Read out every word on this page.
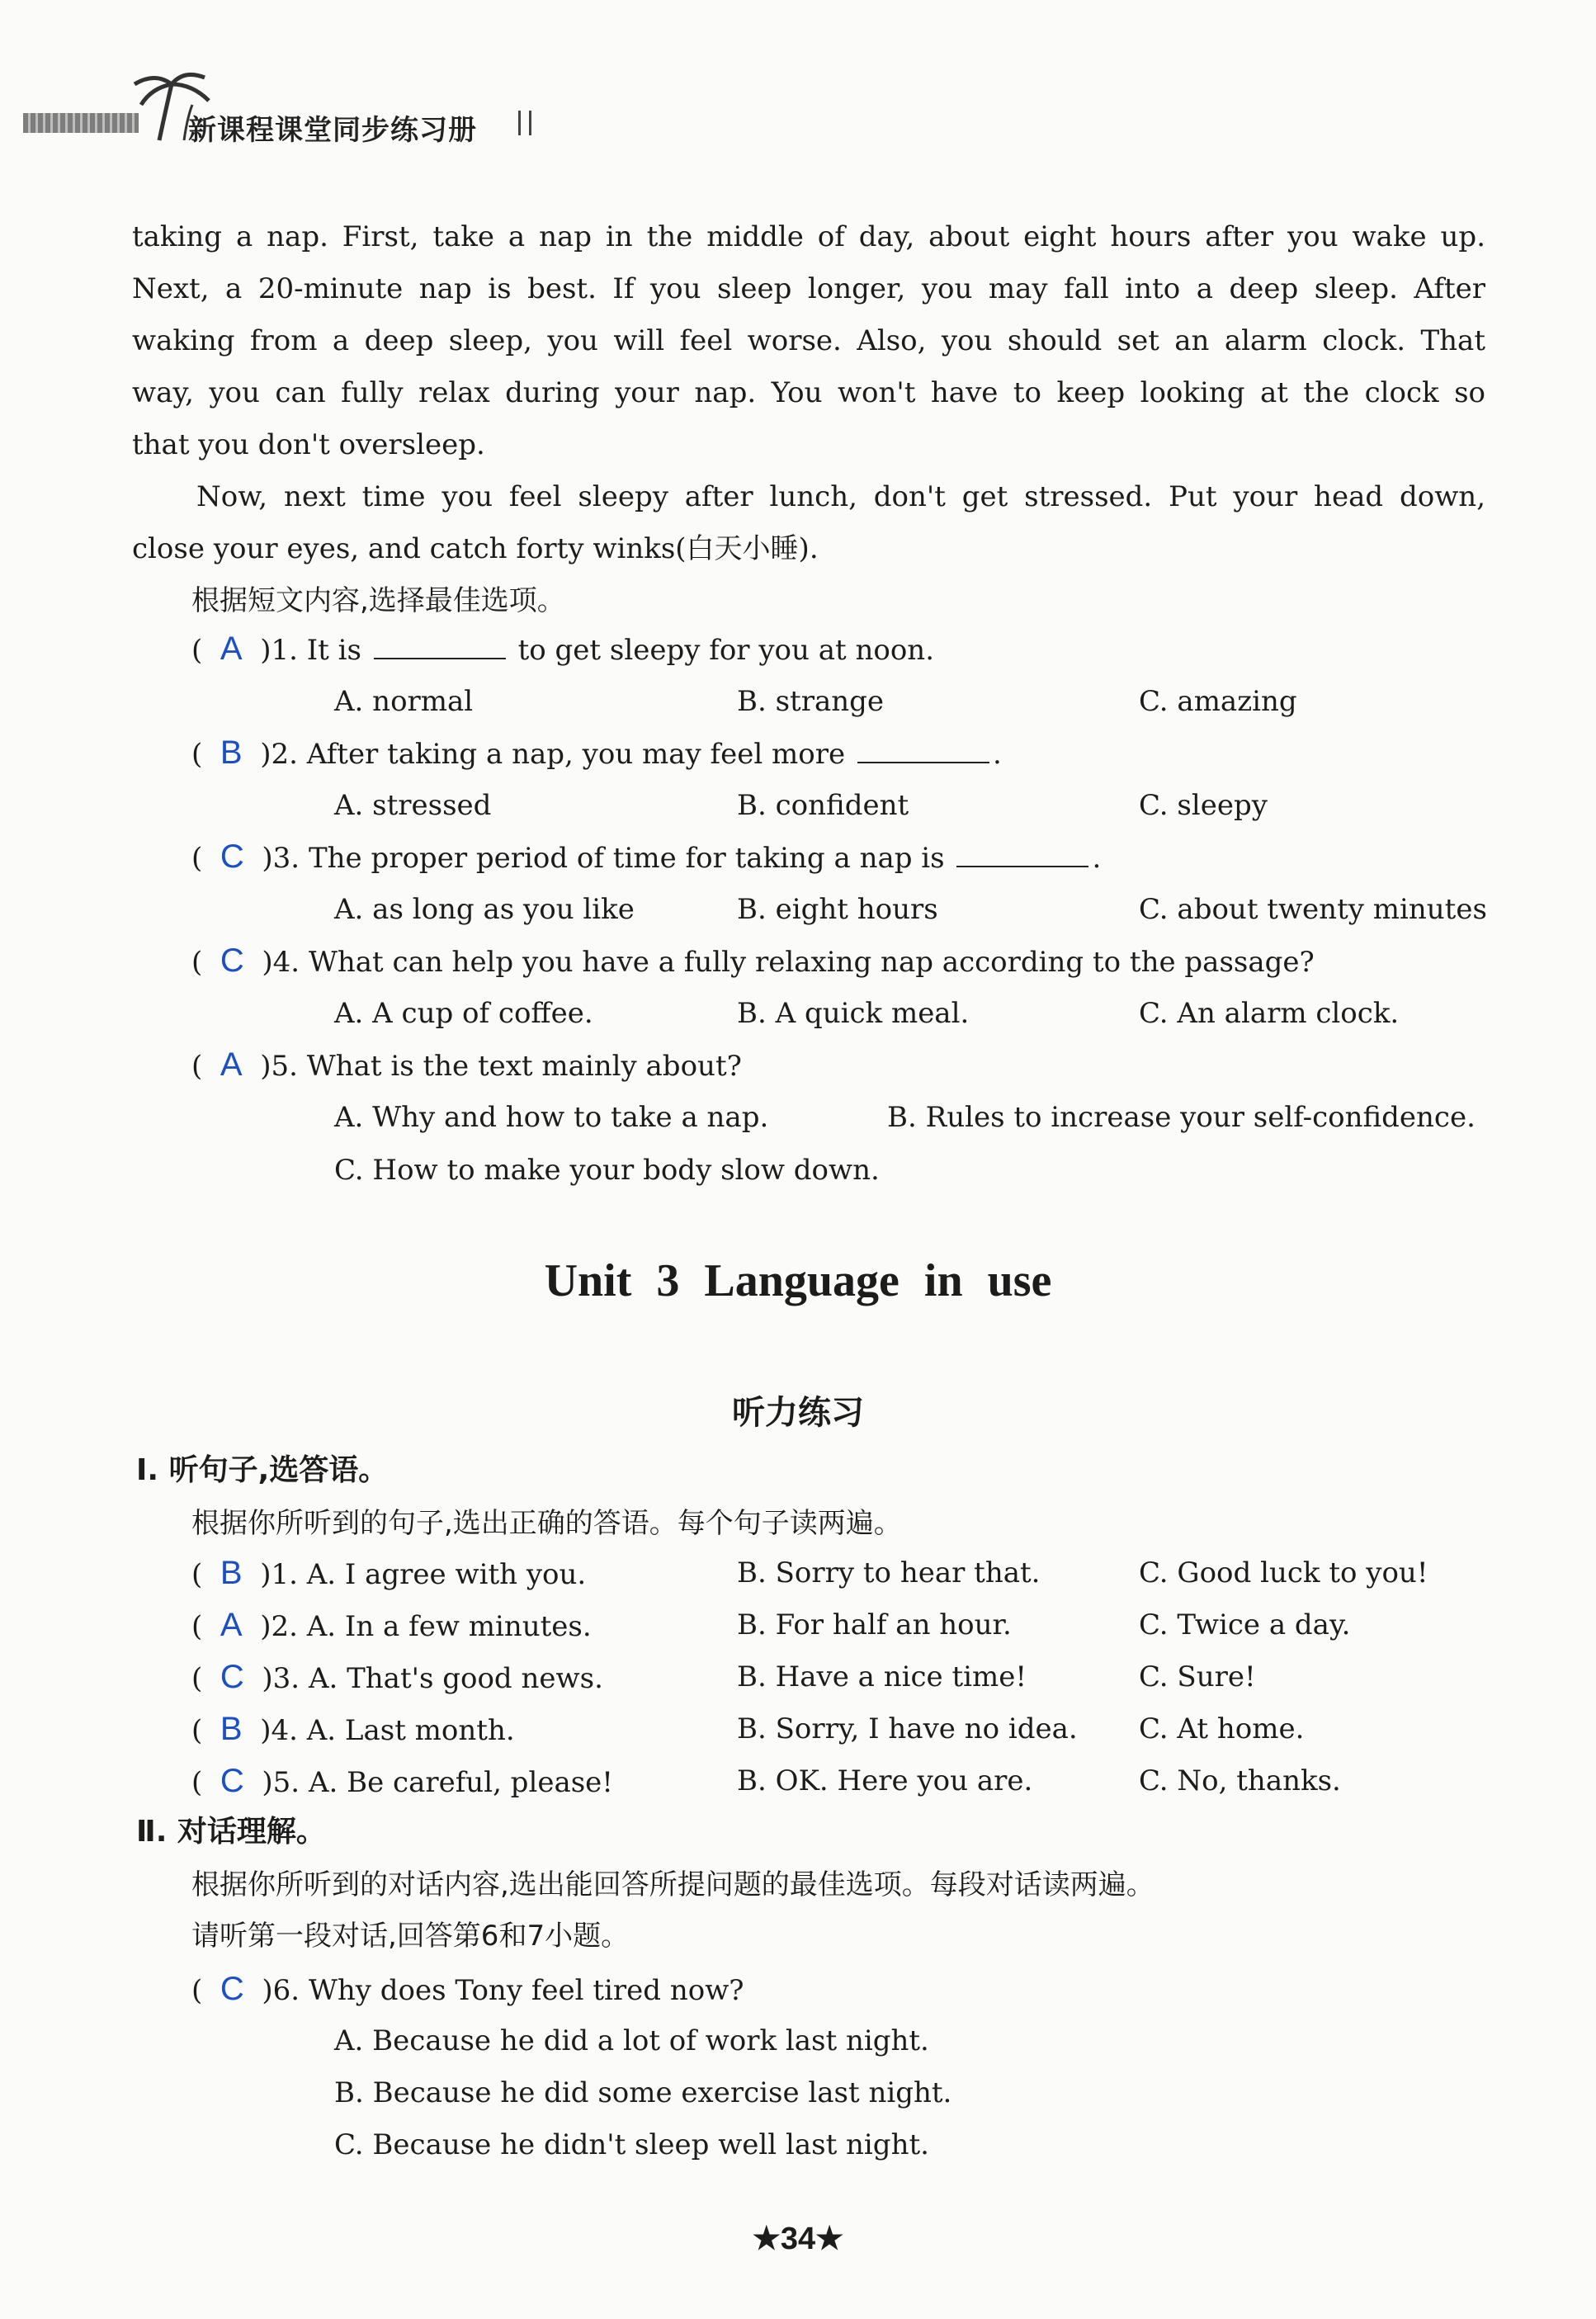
新课程课堂同步练习册

taking a nap. First, take a nap in the middle of day, about eight hours after you wake up.

Next, a 20-minute nap is best. If you sleep longer, you may fall into a deep sleep. After

waking from a deep sleep, you will feel worse. Also, you should set an alarm clock. That

way, you can fully relax during your nap. You won't have to keep looking at the clock so

that you don't oversleep.

Now, next time you feel sleepy after lunch, don't get stressed. Put your head down,

close your eyes, and catch forty winks(白天小睡).

根据短文内容,选择最佳选项。
(  A )1. It is	to get sleepy for you at noon.
A. normal	B. strange	C. amazing
(  B )2. After taking a nap, you may feel more	.
A. stressed	B. confident	C. sleepy
(  C )3. The proper period of time for taking a nap is	.
A. as long as you like	B. eight hours	C. about twenty minutes
(  C )4. What can help you have a fully relaxing nap according to the passage?
A. A cup of coffee.	B. A quick meal.	C. An alarm clock.
(  A )5. What is the text mainly about?
A. Why and how to take a nap.	B. Rules to increase your self-confidence.
C. How to make your body slow down.
Unit 3 Language in use
听力练习
Ⅰ. 听句子,选答语。
根据你所听到的句子,选出正确的答语。每个句子读两遍。
(  B )1. A. I agree with you.	B. Sorry to hear that.	C. Good luck to you!
(  A )2. A. In a few minutes.	B. For half an hour.	C. Twice a day.
(  C )3. A. That's good news.	B. Have a nice time!	C. Sure!
(  B )4. A. Last month.	B. Sorry, I have no idea. C. At home.
(  C )5. A. Be careful, please!	B. OK. Here you are.	C. No, thanks.
Ⅱ. 对话理解。
根据你所听到的对话内容,选出能回答所提问题的最佳选项。每段对话读两遍。
请听第一段对话,回答第6和7小题。
(  C )6. Why does Tony feel tired now?
A. Because he did a lot of work last night.
B. Because he did some exercise last night.
C. Because he didn't sleep well last night.
★34★
